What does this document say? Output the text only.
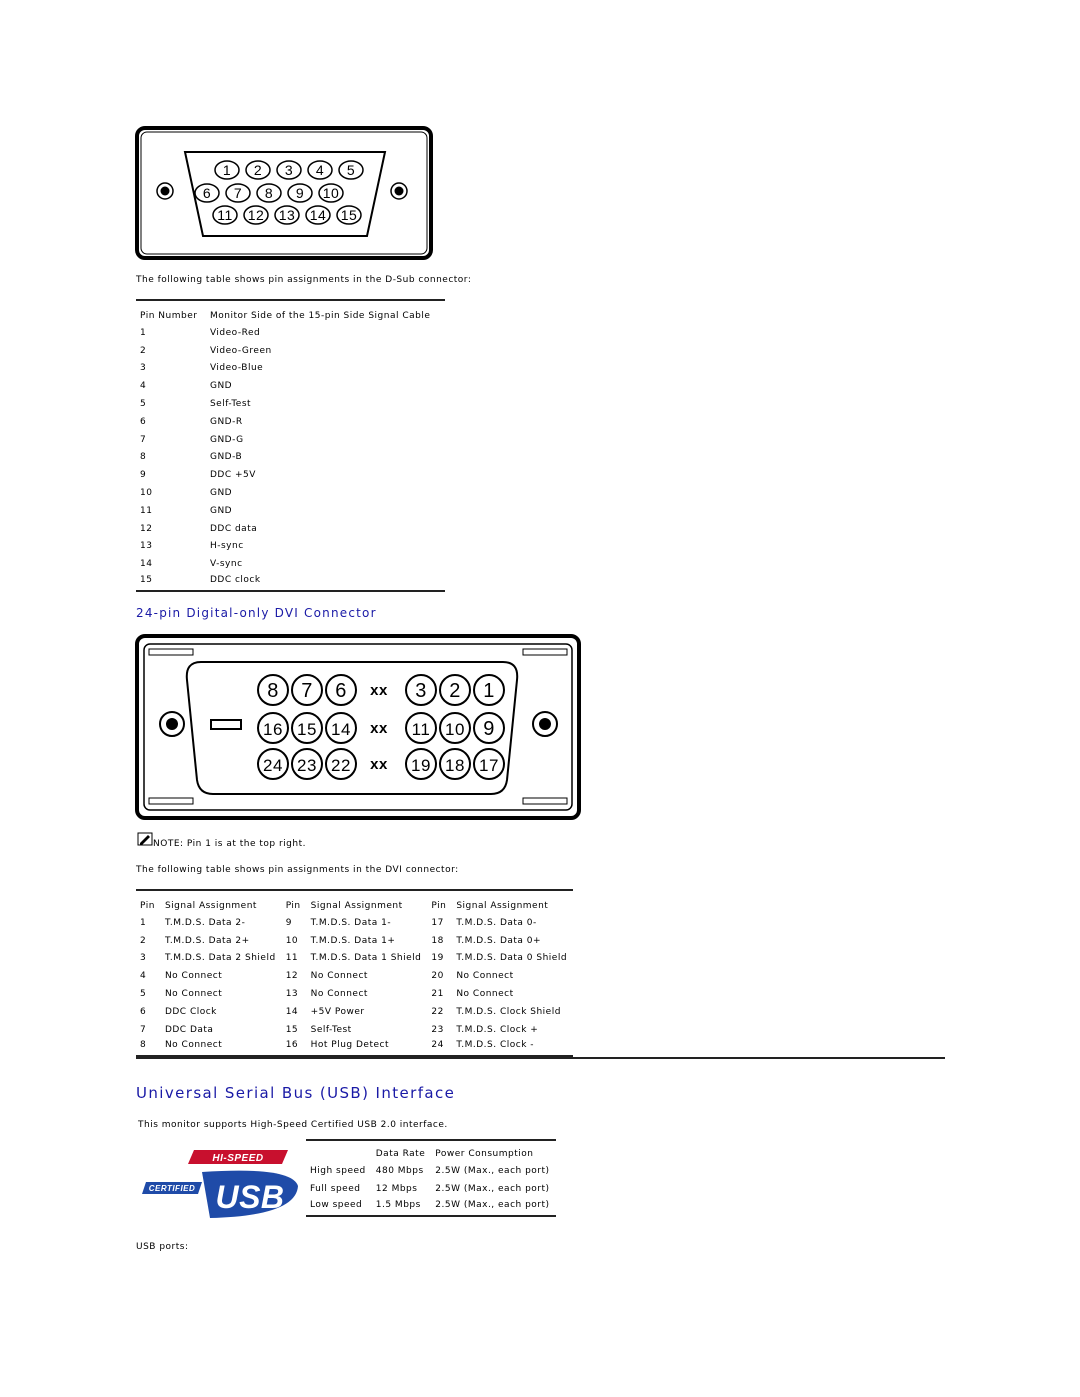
1 2 3 4 5
6 7 8 9 10
11 12 13 14 15
The following table shows pin assignments in the D-Sub connector:
Pin Number	Monitor Side of the 15-pin Side Signal Cable
1	Video-Red
2	Video-Green
3	Video-Blue
4	GND
5	Self-Test
6	GND-R
7	GND-G
8	GND-B
9	DDC +5V
10	GND
11	GND
12	DDC data
13	H-sync
14	V-sync
15	DDC clock
24-pin Digital-only DVI Connector
8 7 6 xx 3 2 1
16 15 14 xx 11 10 9
24 23 22 xx 19 18 17
NOTE: Pin 1 is at the top right.
The following table shows pin assignments in the DVI connector:
Pin	Signal Assignment	Pin	Signal Assignment	Pin	Signal Assignment
1	T.M.D.S. Data 2-	9	T.M.D.S. Data 1-	17	T.M.D.S. Data 0-
2	T.M.D.S. Data 2+	10	T.M.D.S. Data 1+	18	T.M.D.S. Data 0+
3	T.M.D.S. Data 2 Shield	11	T.M.D.S. Data 1 Shield	19	T.M.D.S. Data 0 Shield
4	No Connect	12	No Connect	20	No Connect
5	No Connect	13	No Connect	21	No Connect
6	DDC Clock	14	+5V Power	22	T.M.D.S. Clock Shield
7	DDC Data	15	Self-Test	23	T.M.D.S. Clock +
8	No Connect	16	Hot Plug Detect	24	T.M.D.S. Clock -
Universal Serial Bus (USB) Interface
This monitor supports High-Speed Certified USB 2.0 interface.
HI-SPEED
CERTIFIED USB
TM
	Data Rate	Power Consumption
High speed	480 Mbps	2.5W (Max., each port)
Full speed	12 Mbps	2.5W (Max., each port)
Low speed	1.5 Mbps	2.5W (Max., each port)
USB ports:
